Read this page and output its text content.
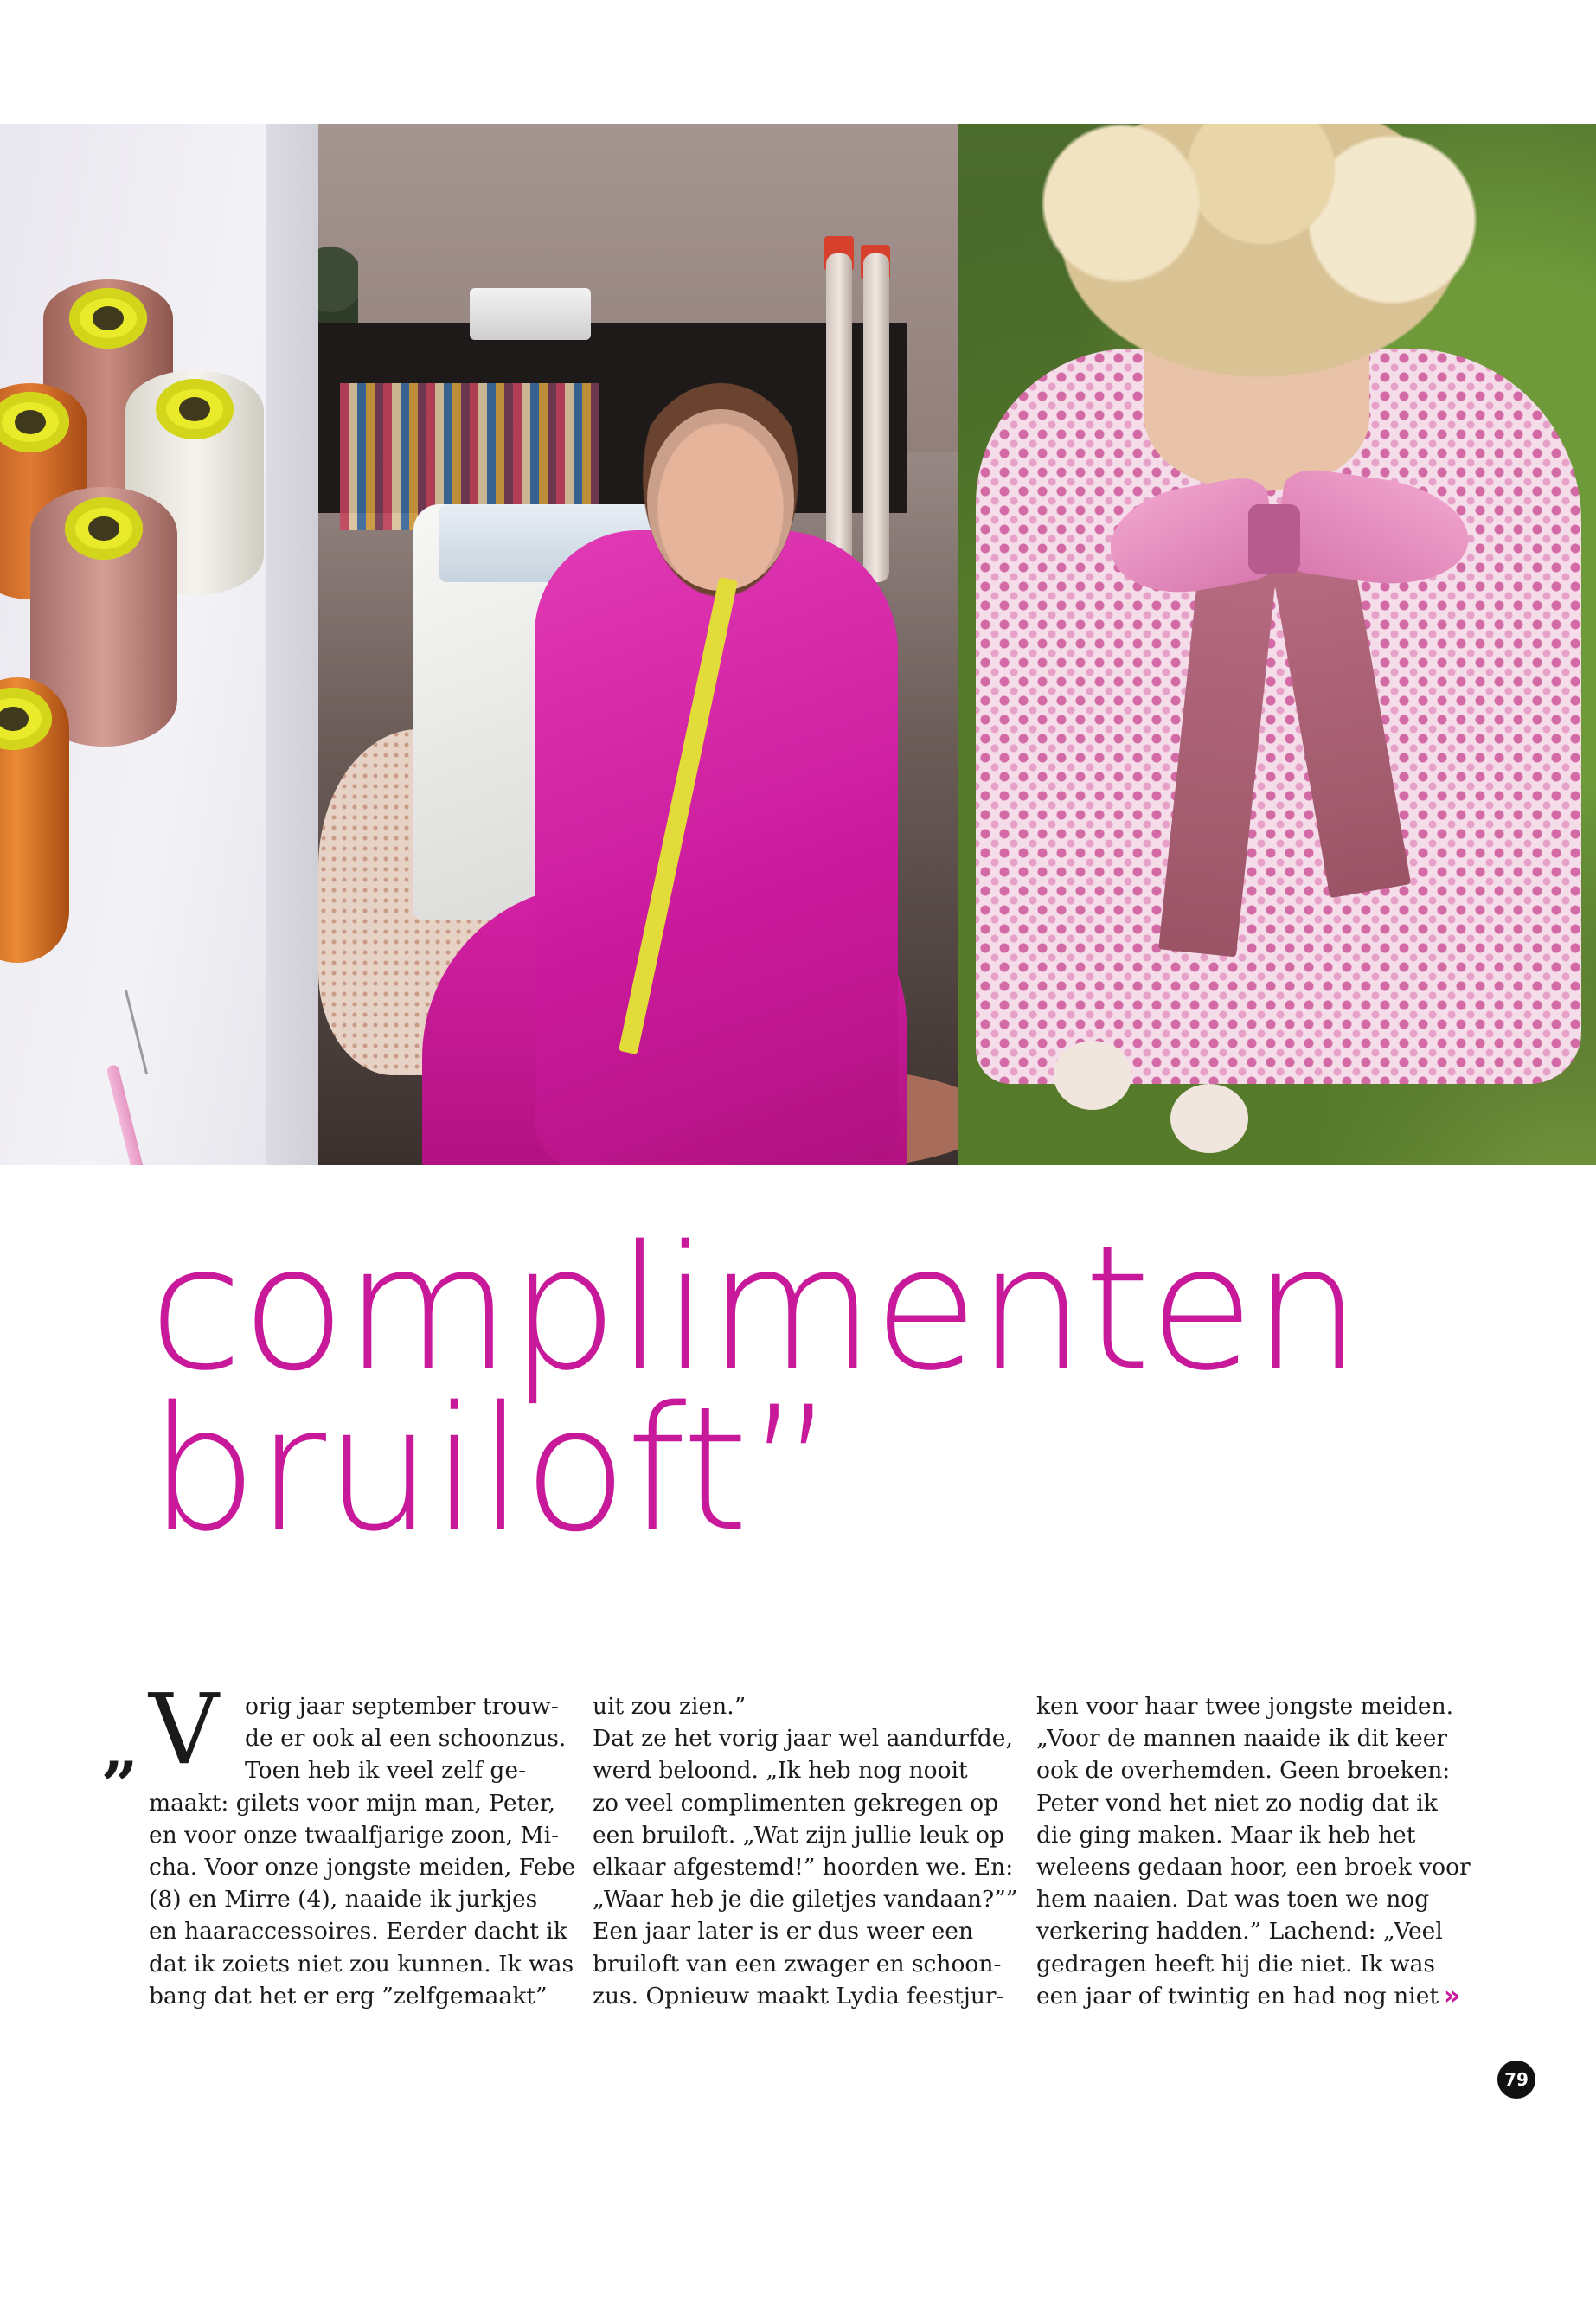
complimenten
bruiloft”
„ V	orig jaar september trouw-
de er ook al een schoonzus.
Toen heb ik veel zelf ge-
maakt: gilets voor mijn man, Peter,
en voor onze twaalfjarige zoon, Mi-
cha. Voor onze jongste meiden, Febe
(8) en Mirre (4), naaide ik jurkjes
en haaraccessoires. Eerder dacht ik
dat ik zoiets niet zou kunnen. Ik was
bang dat het er erg ”zelfgemaakt”
uit zou zien.”
Dat ze het vorig jaar wel aandurfde,
werd beloond. „Ik heb nog nooit
zo veel complimenten gekregen op
een bruiloft. „Wat zijn jullie leuk op
elkaar afgestemd!” hoorden we. En:
„Waar heb je die giletjes vandaan?””
Een jaar later is er dus weer een
bruiloft van een zwager en schoon-
zus. Opnieuw maakt Lydia feestjur-
ken voor haar twee jongste meiden.
„Voor de mannen naaide ik dit keer
ook de overhemden. Geen broeken:
Peter vond het niet zo nodig dat ik
die ging maken. Maar ik heb het
weleens gedaan hoor, een broek voor
hem naaien. Dat was toen we nog
verkering hadden.” Lachend: „Veel
gedragen heeft hij die niet. Ik was
een jaar of twintig en had nog niet »
79
